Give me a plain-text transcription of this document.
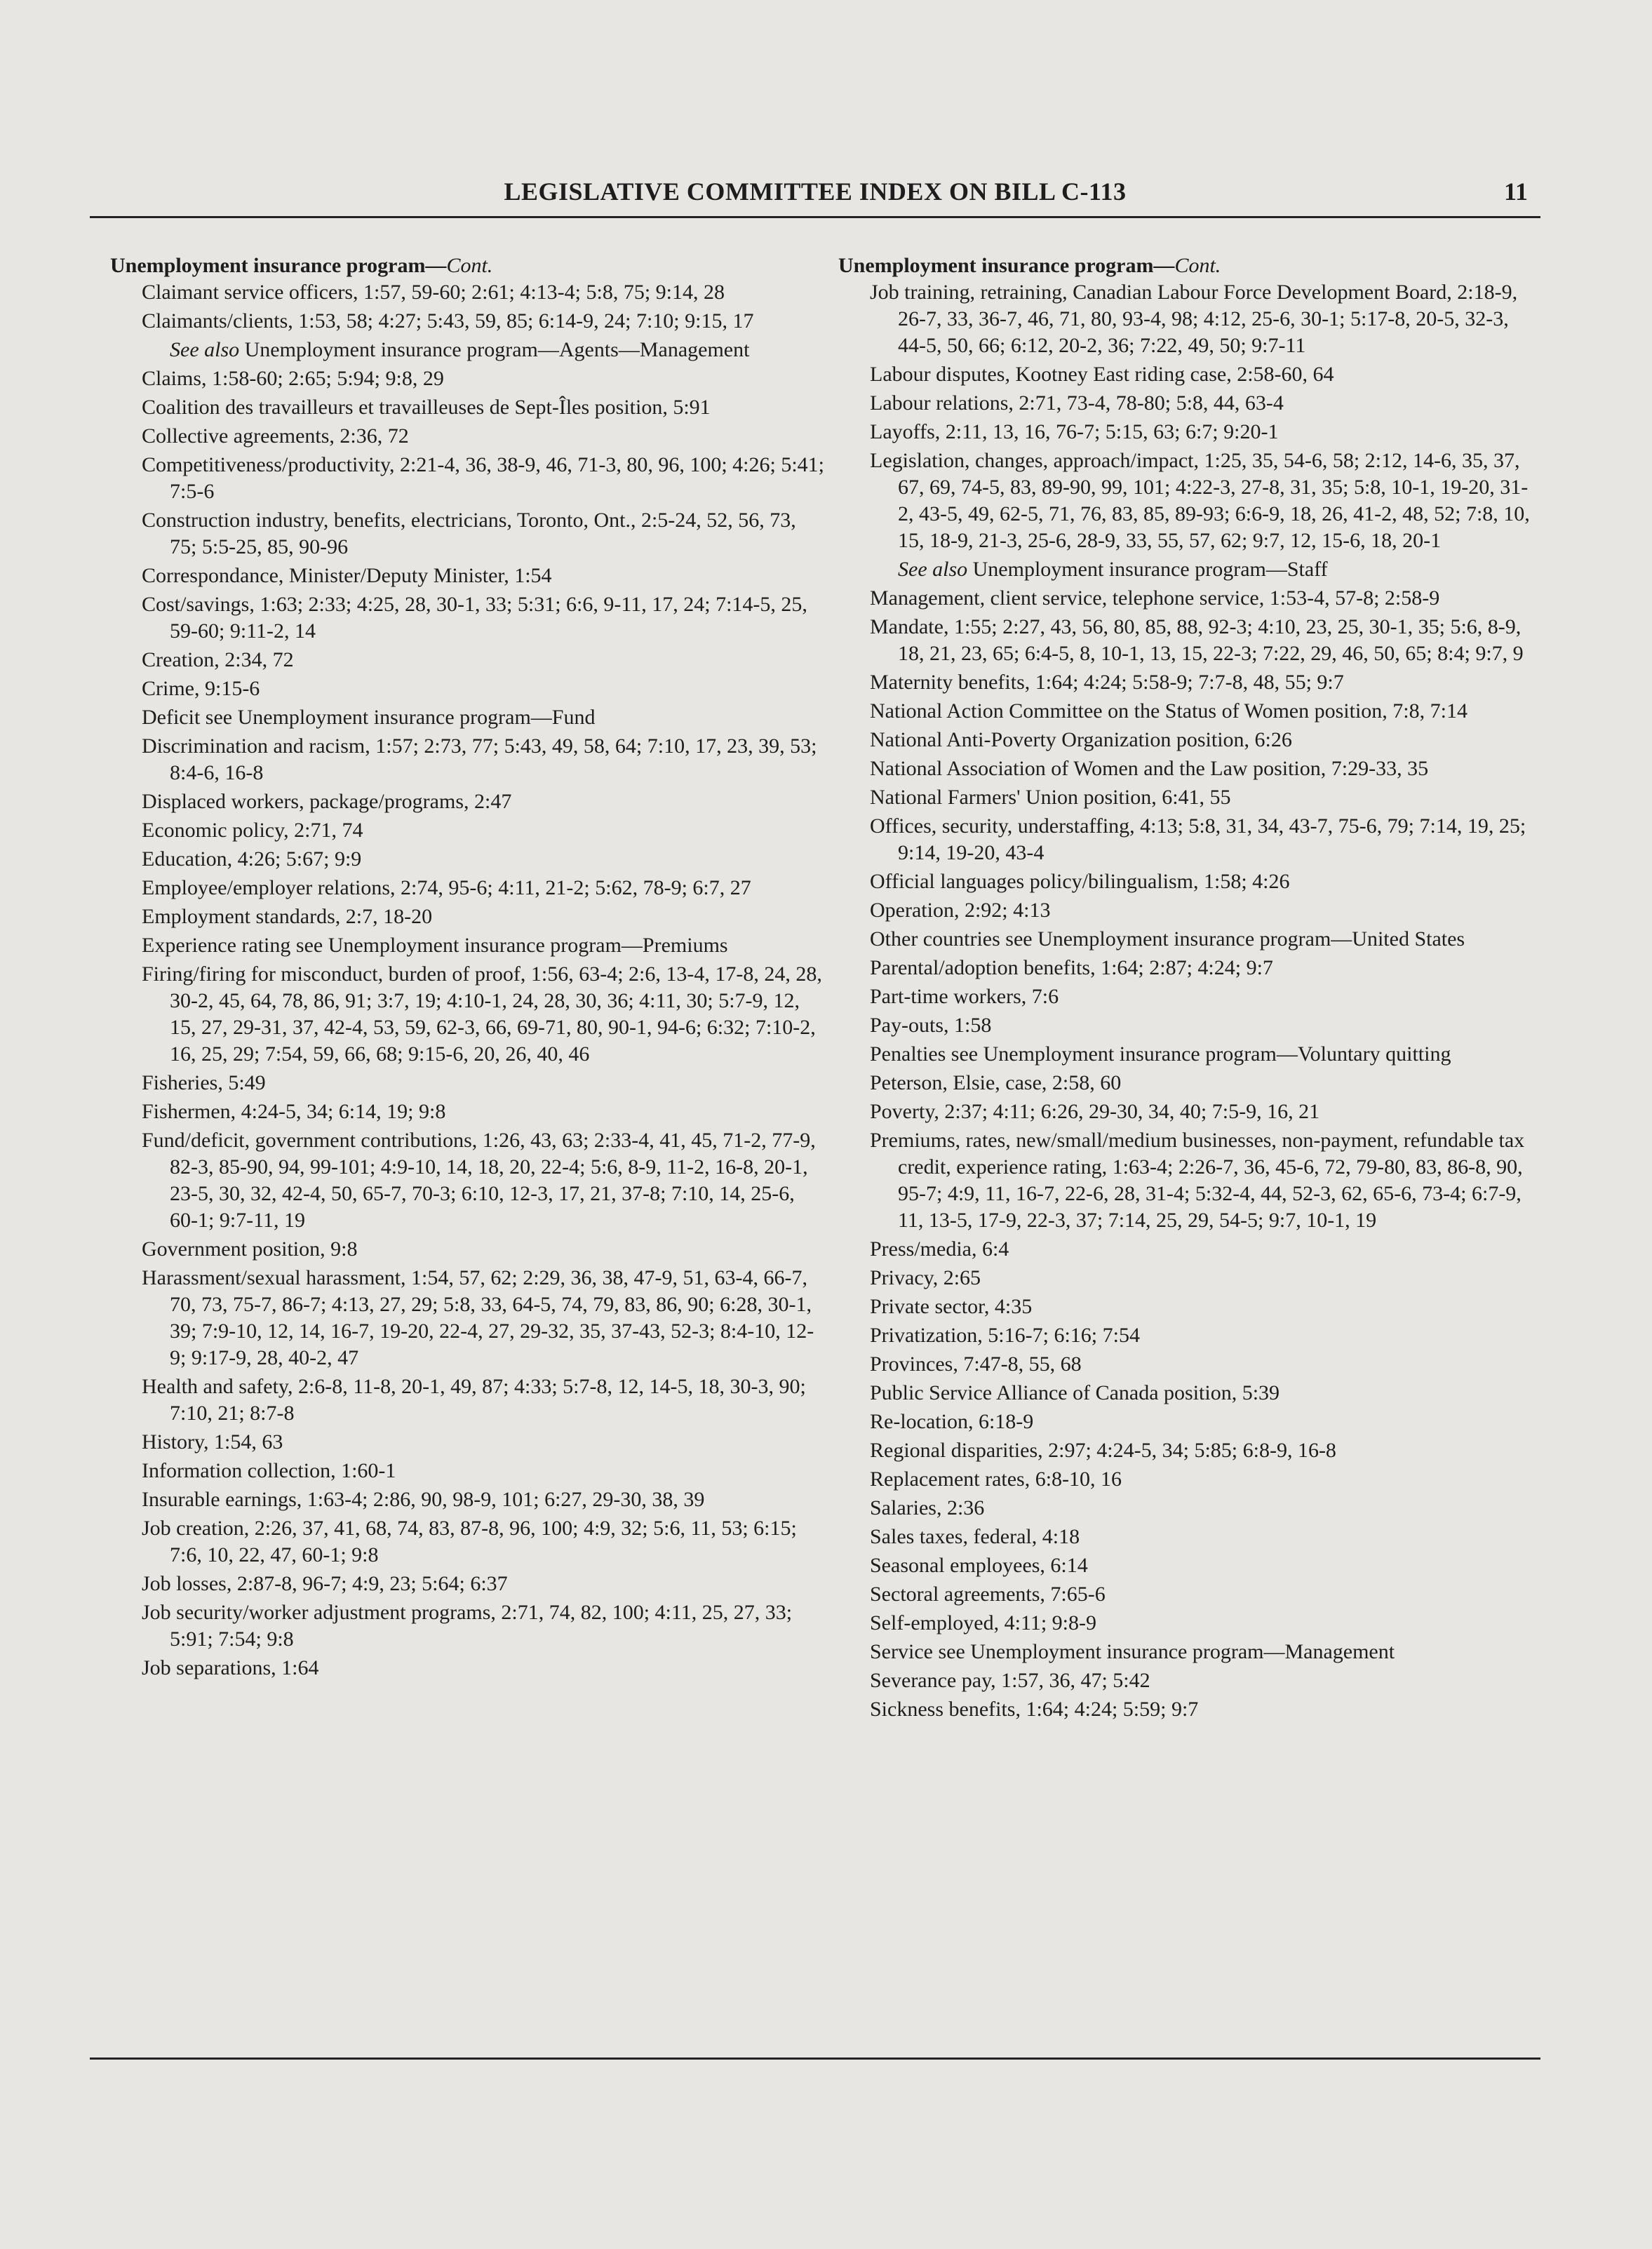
LEGISLATIVE COMMITTEE INDEX ON BILL C-113	11
Unemployment insurance program—Cont.
Claimant service officers, 1:57, 59-60; 2:61; 4:13-4; 5:8, 75; 9:14, 28
Claimants/clients, 1:53, 58; 4:27; 5:43, 59, 85; 6:14-9, 24; 7:10; 9:15, 17
See also Unemployment insurance program—Agents—Management
Claims, 1:58-60; 2:65; 5:94; 9:8, 29
Coalition des travailleurs et travailleuses de Sept-Îles position, 5:91
Collective agreements, 2:36, 72
Competitiveness/productivity, 2:21-4, 36, 38-9, 46, 71-3, 80, 96, 100; 4:26; 5:41; 7:5-6
Construction industry, benefits, electricians, Toronto, Ont., 2:5-24, 52, 56, 73, 75; 5:5-25, 85, 90-96
Correspondance, Minister/Deputy Minister, 1:54
Cost/savings, 1:63; 2:33; 4:25, 28, 30-1, 33; 5:31; 6:6, 9-11, 17, 24; 7:14-5, 25, 59-60; 9:11-2, 14
Creation, 2:34, 72
Crime, 9:15-6
Deficit see Unemployment insurance program—Fund
Discrimination and racism, 1:57; 2:73, 77; 5:43, 49, 58, 64; 7:10, 17, 23, 39, 53; 8:4-6, 16-8
Displaced workers, package/programs, 2:47
Economic policy, 2:71, 74
Education, 4:26; 5:67; 9:9
Employee/employer relations, 2:74, 95-6; 4:11, 21-2; 5:62, 78-9; 6:7, 27
Employment standards, 2:7, 18-20
Experience rating see Unemployment insurance program—Premiums
Firing/firing for misconduct, burden of proof, 1:56, 63-4; 2:6, 13-4, 17-8, 24, 28, 30-2, 45, 64, 78, 86, 91; 3:7, 19; 4:10-1, 24, 28, 30, 36; 4:11, 30; 5:7-9, 12, 15, 27, 29-31, 37, 42-4, 53, 59, 62-3, 66, 69-71, 80, 90-1, 94-6; 6:32; 7:10-2, 16, 25, 29; 7:54, 59, 66, 68; 9:15-6, 20, 26, 40, 46
Fisheries, 5:49
Fishermen, 4:24-5, 34; 6:14, 19; 9:8
Fund/deficit, government contributions, 1:26, 43, 63; 2:33-4, 41, 45, 71-2, 77-9, 82-3, 85-90, 94, 99-101; 4:9-10, 14, 18, 20, 22-4; 5:6, 8-9, 11-2, 16-8, 20-1, 23-5, 30, 32, 42-4, 50, 65-7, 70-3; 6:10, 12-3, 17, 21, 37-8; 7:10, 14, 25-6, 60-1; 9:7-11, 19
Government position, 9:8
Harassment/sexual harassment, 1:54, 57, 62; 2:29, 36, 38, 47-9, 51, 63-4, 66-7, 70, 73, 75-7, 86-7; 4:13, 27, 29; 5:8, 33, 64-5, 74, 79, 83, 86, 90; 6:28, 30-1, 39; 7:9-10, 12, 14, 16-7, 19-20, 22-4, 27, 29-32, 35, 37-43, 52-3; 8:4-10, 12-9; 9:17-9, 28, 40-2, 47
Health and safety, 2:6-8, 11-8, 20-1, 49, 87; 4:33; 5:7-8, 12, 14-5, 18, 30-3, 90; 7:10, 21; 8:7-8
History, 1:54, 63
Information collection, 1:60-1
Insurable earnings, 1:63-4; 2:86, 90, 98-9, 101; 6:27, 29-30, 38, 39
Job creation, 2:26, 37, 41, 68, 74, 83, 87-8, 96, 100; 4:9, 32; 5:6, 11, 53; 6:15; 7:6, 10, 22, 47, 60-1; 9:8
Job losses, 2:87-8, 96-7; 4:9, 23; 5:64; 6:37
Job security/worker adjustment programs, 2:71, 74, 82, 100; 4:11, 25, 27, 33; 5:91; 7:54; 9:8
Job separations, 1:64
Unemployment insurance program—Cont.
Job training, retraining, Canadian Labour Force Development Board, 2:18-9, 26-7, 33, 36-7, 46, 71, 80, 93-4, 98; 4:12, 25-6, 30-1; 5:17-8, 20-5, 32-3, 44-5, 50, 66; 6:12, 20-2, 36; 7:22, 49, 50; 9:7-11
Labour disputes, Kootney East riding case, 2:58-60, 64
Labour relations, 2:71, 73-4, 78-80; 5:8, 44, 63-4
Layoffs, 2:11, 13, 16, 76-7; 5:15, 63; 6:7; 9:20-1
Legislation, changes, approach/impact, 1:25, 35, 54-6, 58; 2:12, 14-6, 35, 37, 67, 69, 74-5, 83, 89-90, 99, 101; 4:22-3, 27-8, 31, 35; 5:8, 10-1, 19-20, 31-2, 43-5, 49, 62-5, 71, 76, 83, 85, 89-93; 6:6-9, 18, 26, 41-2, 48, 52; 7:8, 10, 15, 18-9, 21-3, 25-6, 28-9, 33, 55, 57, 62; 9:7, 12, 15-6, 18, 20-1
See also Unemployment insurance program—Staff
Management, client service, telephone service, 1:53-4, 57-8; 2:58-9
Mandate, 1:55; 2:27, 43, 56, 80, 85, 88, 92-3; 4:10, 23, 25, 30-1, 35; 5:6, 8-9, 18, 21, 23, 65; 6:4-5, 8, 10-1, 13, 15, 22-3; 7:22, 29, 46, 50, 65; 8:4; 9:7, 9
Maternity benefits, 1:64; 4:24; 5:58-9; 7:7-8, 48, 55; 9:7
National Action Committee on the Status of Women position, 7:8, 7:14
National Anti-Poverty Organization position, 6:26
National Association of Women and the Law position, 7:29-33, 35
National Farmers' Union position, 6:41, 55
Offices, security, understaffing, 4:13; 5:8, 31, 34, 43-7, 75-6, 79; 7:14, 19, 25; 9:14, 19-20, 43-4
Official languages policy/bilingualism, 1:58; 4:26
Operation, 2:92; 4:13
Other countries see Unemployment insurance program—United States
Parental/adoption benefits, 1:64; 2:87; 4:24; 9:7
Part-time workers, 7:6
Pay-outs, 1:58
Penalties see Unemployment insurance program—Voluntary quitting
Peterson, Elsie, case, 2:58, 60
Poverty, 2:37; 4:11; 6:26, 29-30, 34, 40; 7:5-9, 16, 21
Premiums, rates, new/small/medium businesses, non-payment, refundable tax credit, experience rating, 1:63-4; 2:26-7, 36, 45-6, 72, 79-80, 83, 86-8, 90, 95-7; 4:9, 11, 16-7, 22-6, 28, 31-4; 5:32-4, 44, 52-3, 62, 65-6, 73-4; 6:7-9, 11, 13-5, 17-9, 22-3, 37; 7:14, 25, 29, 54-5; 9:7, 10-1, 19
Press/media, 6:4
Privacy, 2:65
Private sector, 4:35
Privatization, 5:16-7; 6:16; 7:54
Provinces, 7:47-8, 55, 68
Public Service Alliance of Canada position, 5:39
Re-location, 6:18-9
Regional disparities, 2:97; 4:24-5, 34; 5:85; 6:8-9, 16-8
Replacement rates, 6:8-10, 16
Salaries, 2:36
Sales taxes, federal, 4:18
Seasonal employees, 6:14
Sectoral agreements, 7:65-6
Self-employed, 4:11; 9:8-9
Service see Unemployment insurance program—Management
Severance pay, 1:57, 36, 47; 5:42
Sickness benefits, 1:64; 4:24; 5:59; 9:7
